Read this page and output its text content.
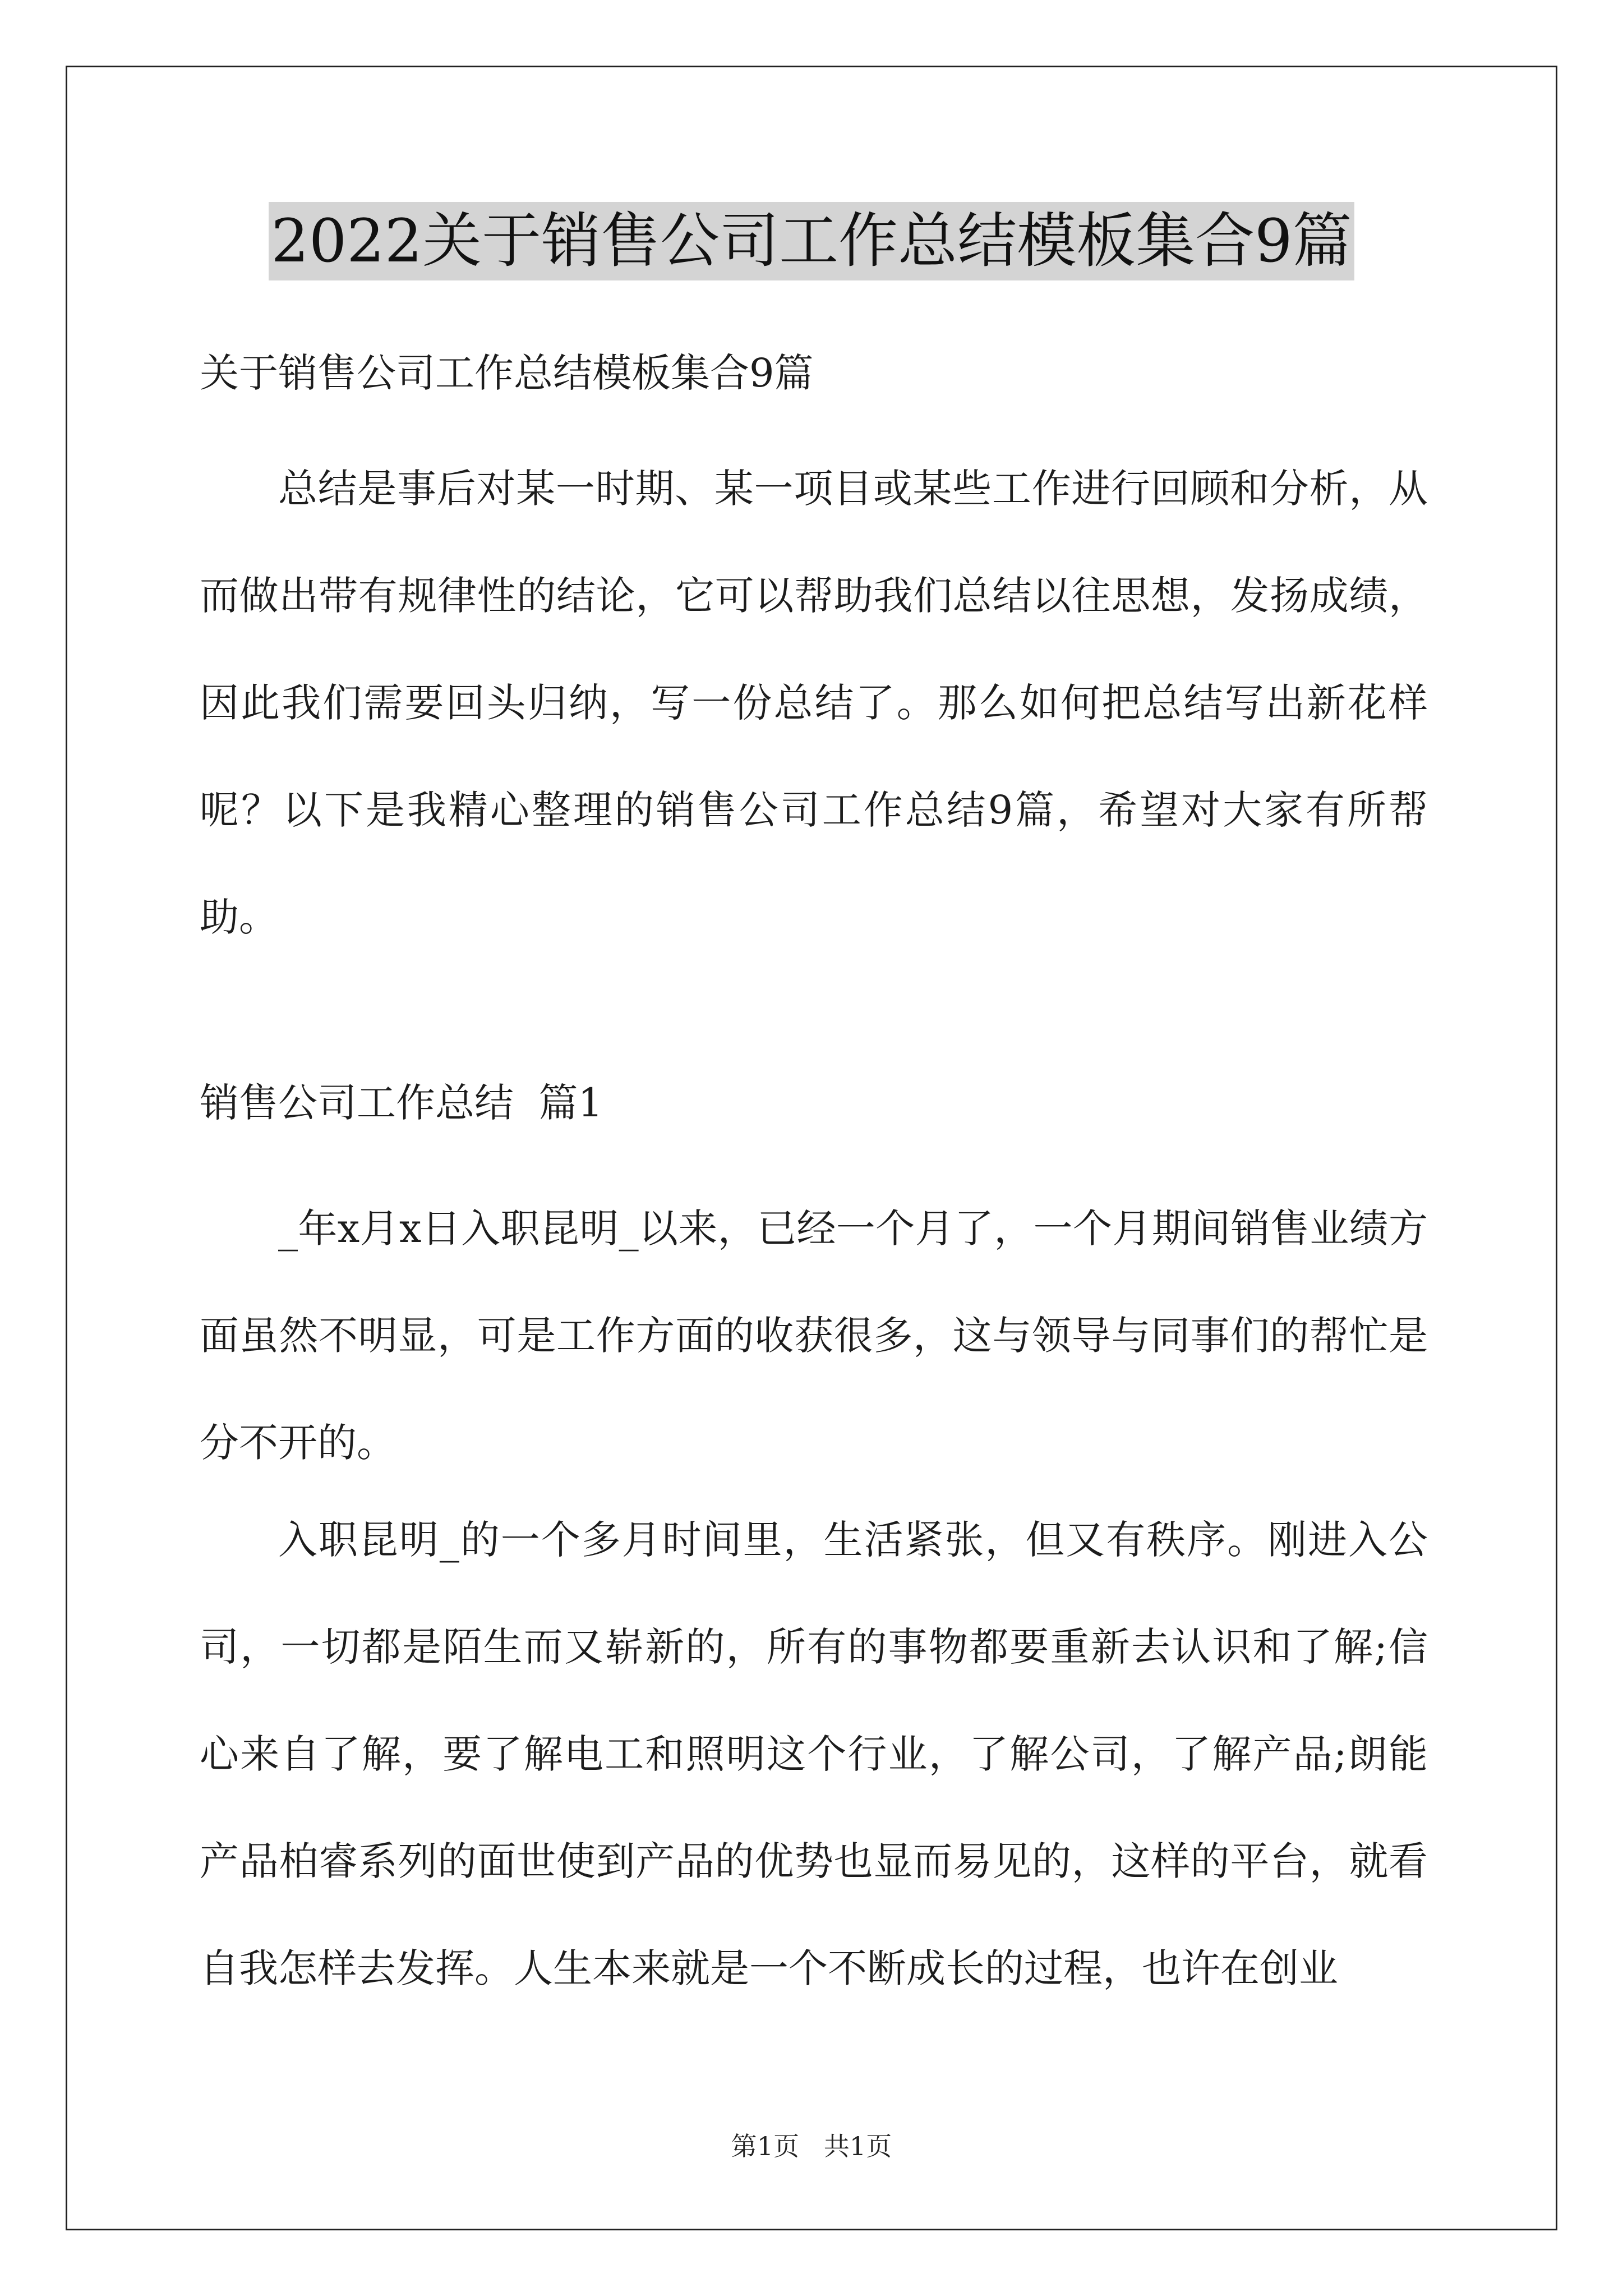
2022关于销售公司工作总结模板集合9篇
关于销售公司工作总结模板集合9篇
总结是事后对某一时期、某一项目或某些工作进行回顾和分析，从而做出带有规律性的结论，它可以帮助我们总结以往思想，发扬成绩，因此我们需要回头归纳，写一份总结了。那么如何把总结写出新花样呢？以下是我精心整理的销售公司工作总结9篇，希望对大家有所帮助。
销售公司工作总结  篇1
_年x月x日入职昆明_以来，已经一个月了，一个月期间销售业绩方面虽然不明显，可是工作方面的收获很多，这与领导与同事们的帮忙是分不开的。
入职昆明_的一个多月时间里，生活紧张，但又有秩序。刚进入公司，一切都是陌生而又崭新的，所有的事物都要重新去认识和了解;信心来自了解，要了解电工和照明这个行业，了解公司，了解产品;朗能产品柏睿系列的面世使到产品的优势也显而易见的，这样的平台，就看自我怎样去发挥。人生本来就是一个不断成长的过程，也许在创业
第1页   共1页
